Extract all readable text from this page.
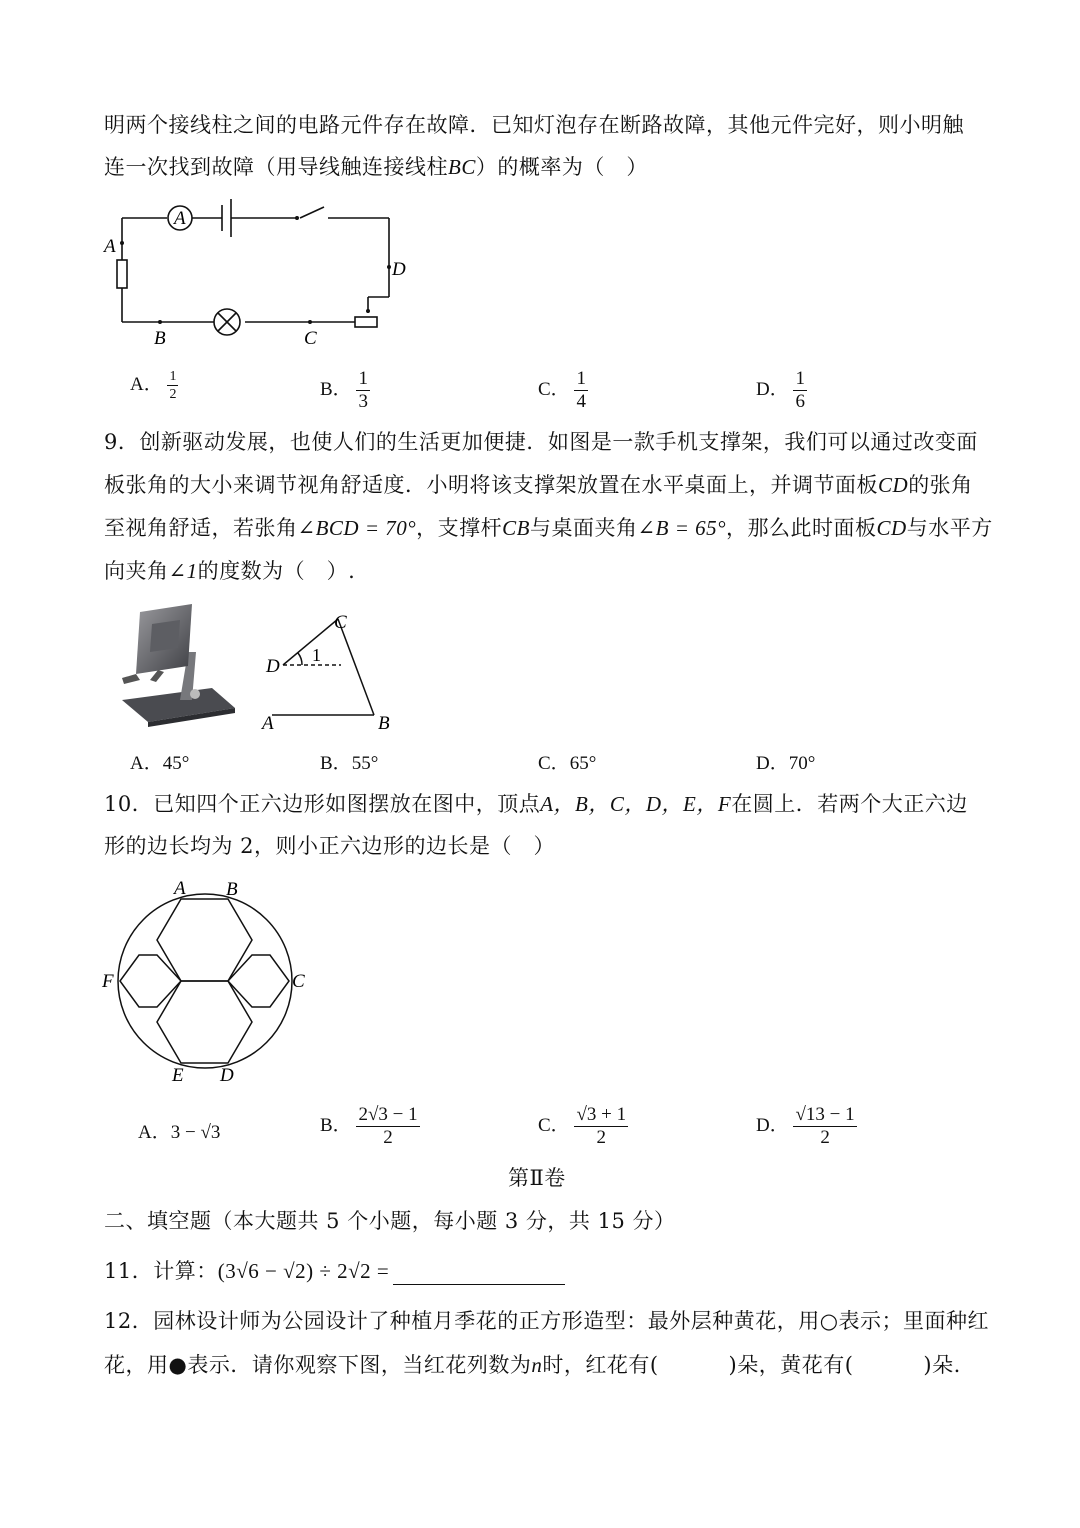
明两个接线柱之间的电路元件存在故障．已知灯泡存在断路故障，其他元件完好，则小明触
连一次找到故障（用导线触连接线柱BC）的概率为（　）
A
A
D
B	C
A． $\frac{1}{2}$	B． $\frac{1}{3}$	C． $\frac{1}{4}$	D． $\frac{1}{6}$
9．创新驱动发展，也使人们的生活更加便捷．如图是一款手机支撑架，我们可以通过改变面
板张角的大小来调节视角舒适度．小明将该支撑架放置在水平桌面上，并调节面板CD的张角
至视角舒适，若张角∠BCD = 70°，支撑杆CB与桌面夹角∠B = 65°，那么此时面板CD与水平方
向夹角∠1的度数为（　）.
C
D
1
A	B
A．45°	B．55°	C．65°	D．70°
10．已知四个正六边形如图摆放在图中，顶点A，B，C，D，E，F在圆上．若两个大正六边
形的边长均为 2，则小正六边形的边长是（　）
A B
C
D
E
F
A．3 − √3	B． $\frac{2√3 - 1}{2}$	C． $\frac{√3 + 1}{2}$	D． $\frac{√13 - 1}{2}$
第Ⅱ卷
二、填空题（本大题共 5 个小题，每小题 3 分，共 15 分）
11．计算：(3√6 − √2) ÷ 2√2 =
12．园林设计师为公园设计了种植月季花的正方形造型：最外层种黄花，用○表示；里面种红
花，用●表示．请你观察下图，当红花列数为n时，红花有(	)朵，黄花有(	)朵.
